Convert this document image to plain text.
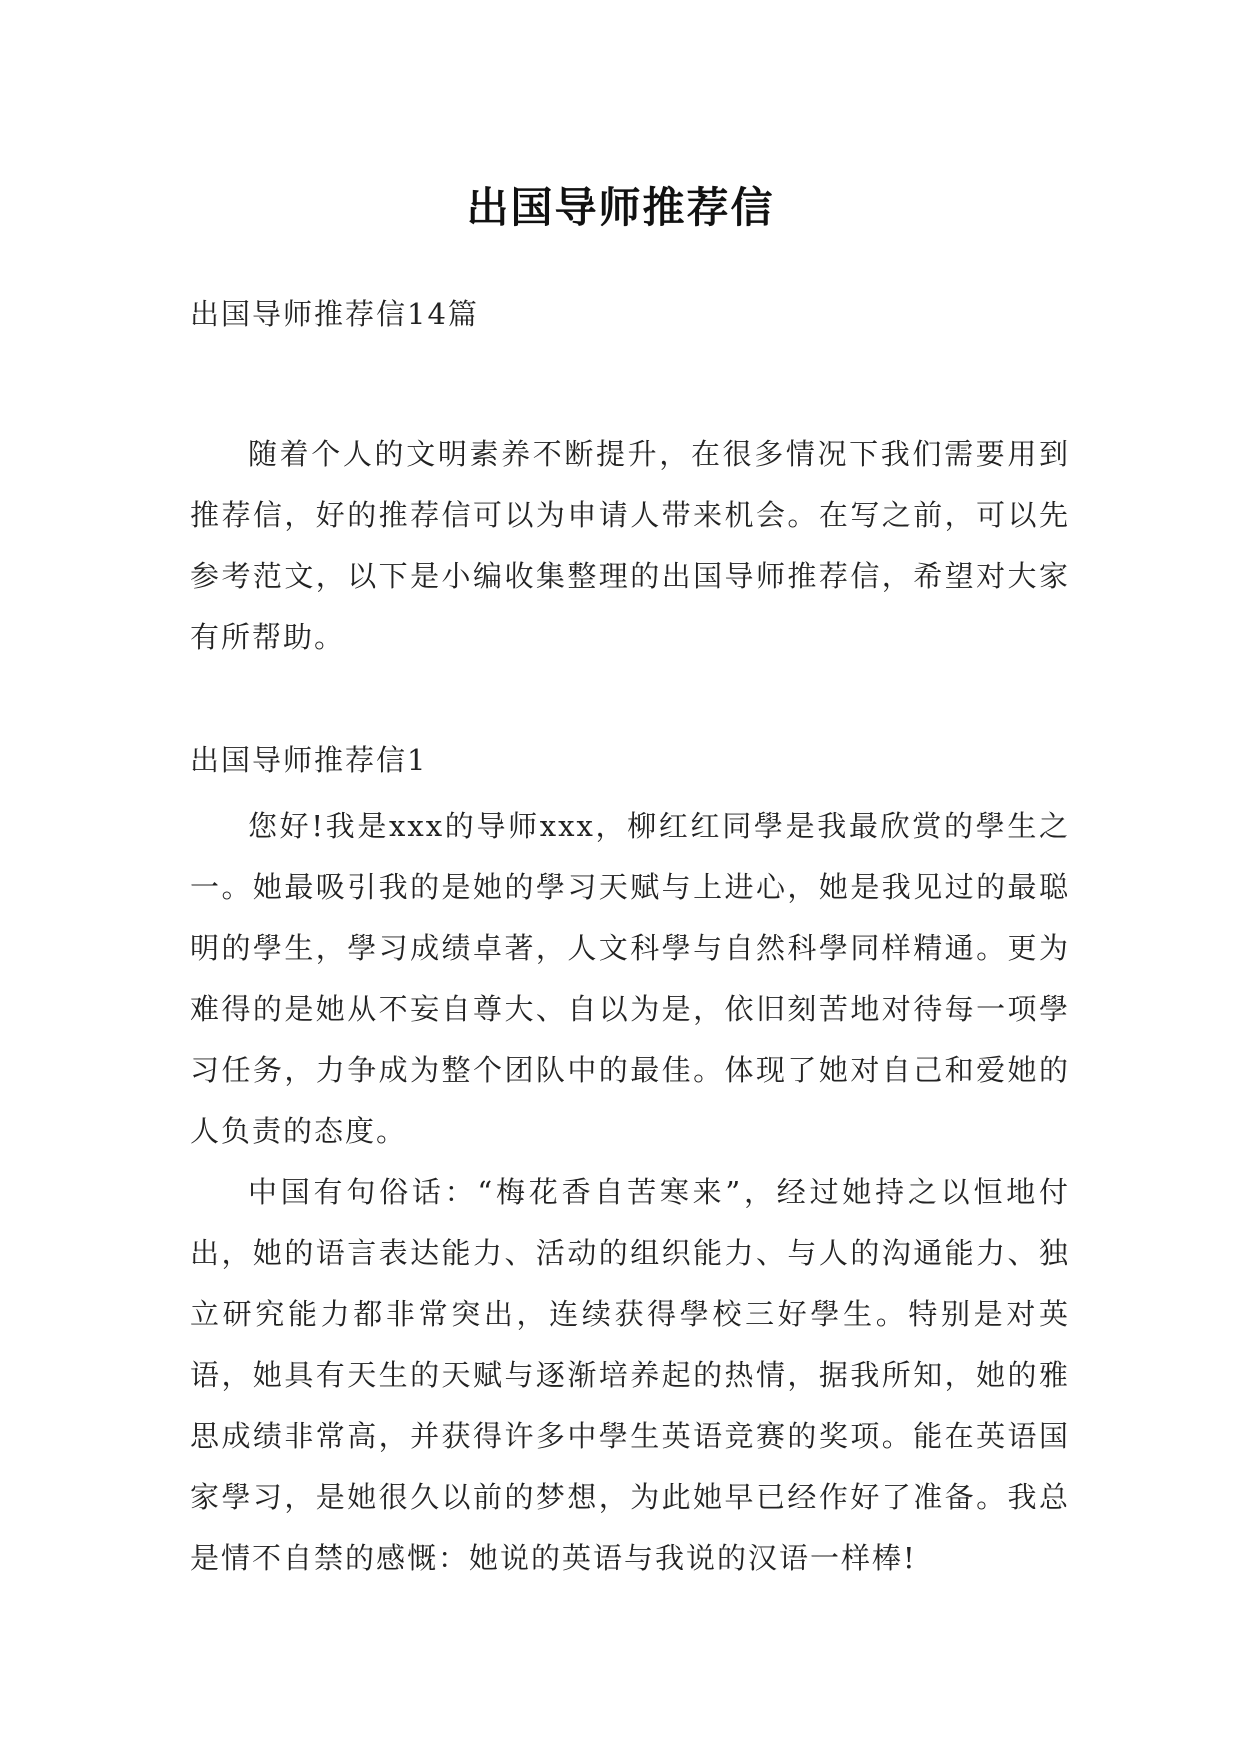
出国导师推荐信

出国导师推荐信14篇

随着个人的文明素养不断提升，在很多情况下我们需要用到推荐信，好的推荐信可以为申请人带来机会。在写之前，可以先参考范文，以下是小编收集整理的出国导师推荐信，希望对大家有所帮助。

出国导师推荐信1

您好!我是xxx的导师xxx，柳红红同學是我最欣赏的學生之一。她最吸引我的是她的學习天赋与上进心，她是我见过的最聪明的學生，學习成绩卓著，人文科學与自然科學同样精通。更为难得的是她从不妄自尊大、自以为是，依旧刻苦地对待每一项學习任务，力争成为整个团队中的最佳。体现了她对自己和爱她的人负责的态度。

中国有句俗话：“梅花香自苦寒来”，经过她持之以恒地付出，她的语言表达能力、活动的组织能力、与人的沟通能力、独立研究能力都非常突出，连续获得學校三好學生。特别是对英语，她具有天生的天赋与逐渐培养起的热情，据我所知，她的雅思成绩非常高，并获得许多中學生英语竞赛的奖项。能在英语国家學习，是她很久以前的梦想，为此她早已经作好了准备。我总是情不自禁的感慨：她说的英语与我说的汉语一样棒!
